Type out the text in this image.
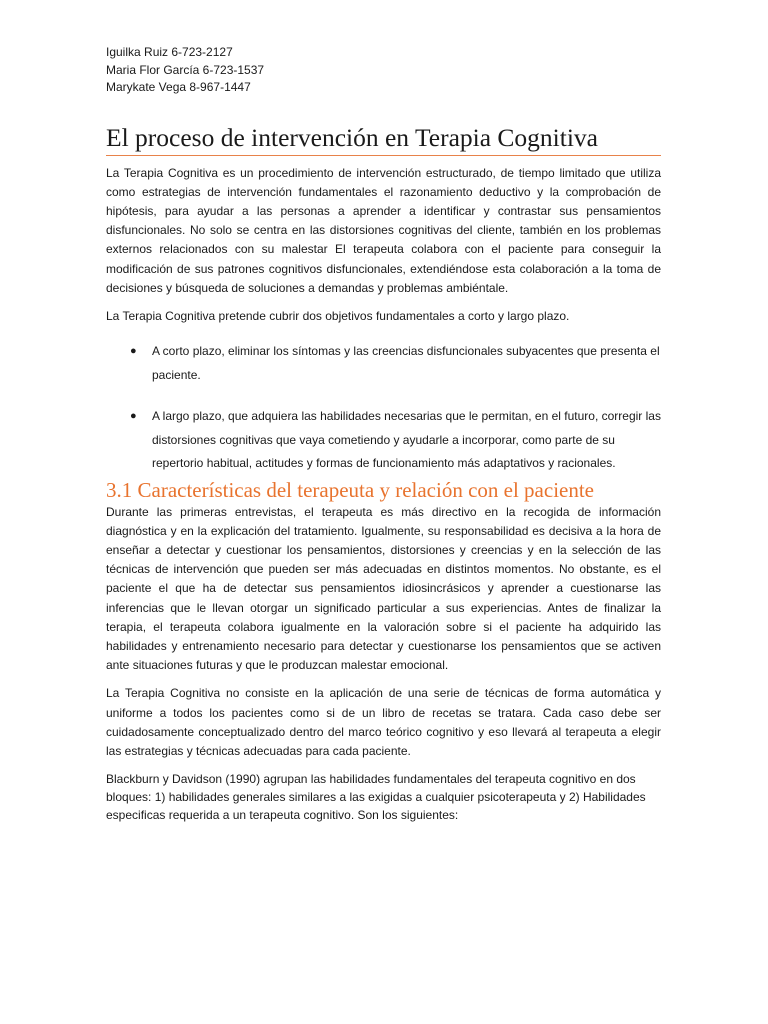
Iguilka Ruiz 6-723-2127
Maria Flor García 6-723-1537
Marykate Vega 8-967-1447
El proceso de intervención en Terapia Cognitiva

La Terapia Cognitiva es un procedimiento de intervención estructurado, de tiempo limitado que utiliza como estrategias de intervención fundamentales el razonamiento deductivo y la comprobación de hipótesis, para ayudar a las personas a aprender a identificar y contrastar sus pensamientos disfuncionales. No solo se centra en las distorsiones cognitivas del cliente, también en los problemas externos relacionados con su malestar El terapeuta colabora con el paciente para conseguir la modificación de sus patrones cognitivos disfuncionales, extendiéndose esta colaboración a la toma de decisiones y búsqueda de soluciones a demandas y problemas ambiéntale.

La Terapia Cognitiva pretende cubrir dos objetivos fundamentales a corto y largo plazo.

● A corto plazo, eliminar los síntomas y las creencias disfuncionales subyacentes que presenta el paciente.
● A largo plazo, que adquiera las habilidades necesarias que le permitan, en el futuro, corregir las distorsiones cognitivas que vaya cometiendo y ayudarle a incorporar, como parte de su repertorio habitual, actitudes y formas de funcionamiento más adaptativos y racionales.
3.1 Características del terapeuta y relación con el paciente

Durante las primeras entrevistas, el terapeuta es más directivo en la recogida de información diagnóstica y en la explicación del tratamiento. Igualmente, su responsabilidad es decisiva a la hora de enseñar a detectar y cuestionar los pensamientos, distorsiones y creencias y en la selección de las técnicas de intervención que pueden ser más adecuadas en distintos momentos. No obstante, es el paciente el que ha de detectar sus pensamientos idiosincrásicos y aprender a cuestionarse las inferencias que le llevan otorgar un significado particular a sus experiencias. Antes de finalizar la terapia, el terapeuta colabora igualmente en la valoración sobre si el paciente ha adquirido las habilidades y entrenamiento necesario para detectar y cuestionarse los pensamientos que se activen ante situaciones futuras y que le produzcan malestar emocional.

La Terapia Cognitiva no consiste en la aplicación de una serie de técnicas de forma automática y uniforme a todos los pacientes como si de un libro de recetas se tratara. Cada caso debe ser cuidadosamente conceptualizado dentro del marco teórico cognitivo y eso llevará al terapeuta a elegir las estrategias y técnicas adecuadas para cada paciente.

Blackburn y Davidson (1990) agrupan las habilidades fundamentales del terapeuta cognitivo en dos bloques: 1) habilidades generales similares a las exigidas a cualquier psicoterapeuta y 2) Habilidades especificas requerida a un terapeuta cognitivo. Son los siguientes:
